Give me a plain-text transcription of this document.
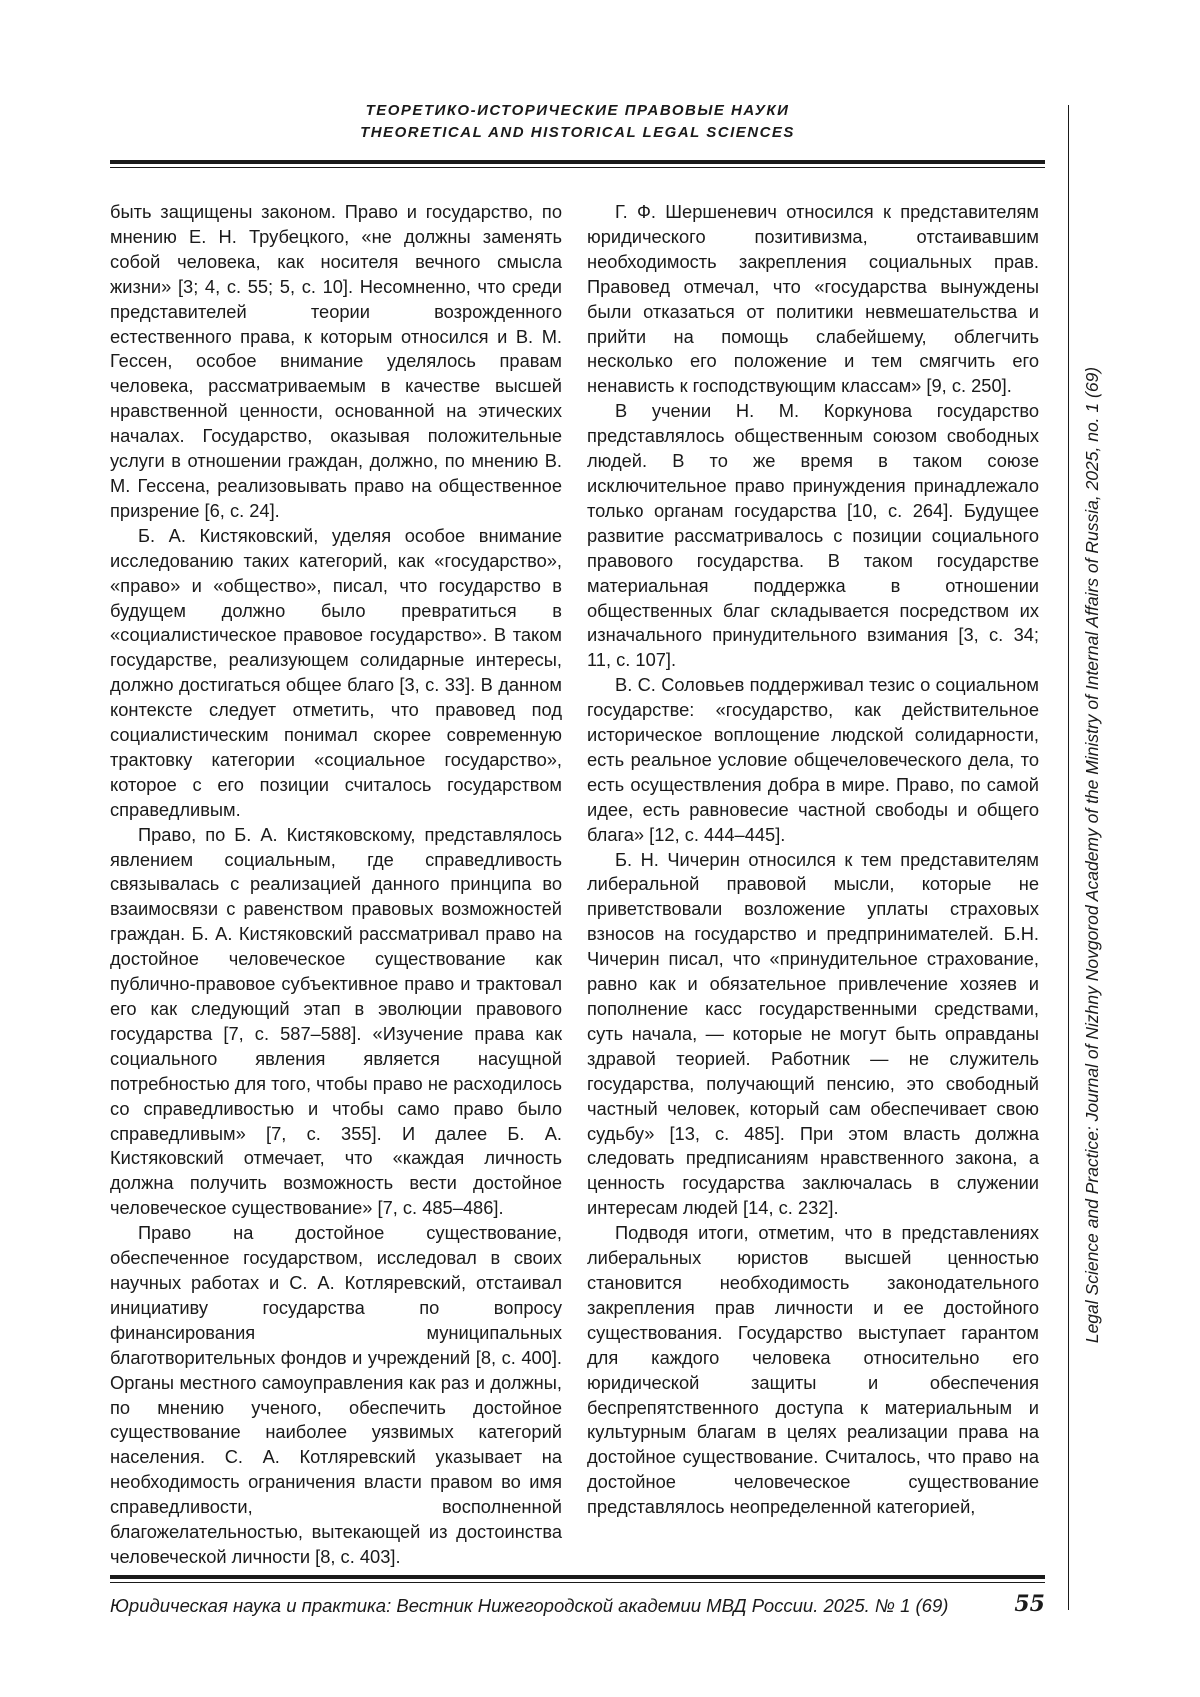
ТЕОРЕТИКО-ИСТОРИЧЕСКИЕ ПРАВОВЫЕ НАУКИ
THEORETICAL AND HISTORICAL LEGAL SCIENCES
Legal Science and Practice: Journal of Nizhny Novgorod Academy of the Ministry of Internal Affairs of Russia, 2025, no. 1 (69)

быть защищены законом. Право и государство, по мнению Е. Н. Трубецкого, «не должны заменять собой человека, как носителя вечного смысла жизни» [3; 4, с. 55; 5, с. 10]. Несомненно, что среди представителей теории возрожденного естественного права, к которым относился и В. М. Гессен, особое внимание уделялось правам человека, рассматриваемым в качестве высшей нравственной ценности, основанной на этических началах. Государство, оказывая положительные услуги в отношении граждан, должно, по мнению В. М. Гессена, реализовывать право на общественное призрение [6, с. 24].

Б. А. Кистяковский, уделяя особое внимание исследованию таких категорий, как «государство», «право» и «общество», писал, что государство в будущем должно было превратиться в «социалистическое правовое государство». В таком государстве, реализующем солидарные интересы, должно достигаться общее благо [3, с. 33]. В данном контексте следует отметить, что правовед под социалистическим понимал скорее современную трактовку категории «социальное государство», которое с его позиции считалось государством справедливым.

Право, по Б. А. Кистяковскому, представлялось явлением социальным, где справедливость связывалась с реализацией данного принципа во взаимосвязи с равенством правовых возможностей граждан. Б. А. Кистяковский рассматривал право на достойное человеческое существование как публично-правовое субъективное право и трактовал его как следующий этап в эволюции правового государства [7, с. 587–588]. «Изучение права как социального явления является насущной потребностью для того, чтобы право не расходилось со справедливостью и чтобы само право было справедливым» [7, с. 355]. И далее Б. А. Кистяковский отмечает, что «каждая личность должна получить возможность вести достойное человеческое существование» [7, с. 485–486].

Право на достойное существование, обеспеченное государством, исследовал в своих научных работах и С. А. Котляревский, отстаивал инициативу государства по вопросу финансирования муниципальных благотворительных фондов и учреждений [8, с. 400]. Органы местного самоуправления как раз и должны, по мнению ученого, обеспечить достойное существование наиболее уязвимых категорий населения. С. А. Котляревский указывает на необходимость ограничения власти правом во имя справедливости, восполненной благожелательностью, вытекающей из достоинства человеческой личности [8, с. 403].

Г. Ф. Шершеневич относился к представителям юридического позитивизма, отстаивавшим необходимость закрепления социальных прав. Правовед отмечал, что «государства вынуждены были отказаться от политики невмешательства и прийти на помощь слабейшему, облегчить несколько его положение и тем смягчить его ненависть к господствующим классам» [9, с. 250].

В учении Н. М. Коркунова государство представлялось общественным союзом свободных людей. В то же время в таком союзе исключительное право принуждения принадлежало только органам государства [10, с. 264]. Будущее развитие рассматривалось с позиции социального правового государства. В таком государстве материальная поддержка в отношении общественных благ складывается посредством их изначального принудительного взимания [3, с. 34; 11, с. 107].

В. С. Соловьев поддерживал тезис о социальном государстве: «государство, как действительное историческое воплощение людской солидарности, есть реальное условие общечеловеческого дела, то есть осуществления добра в мире. Право, по самой идее, есть равновесие частной свободы и общего блага» [12, с. 444–445].

Б. Н. Чичерин относился к тем представителям либеральной правовой мысли, которые не приветствовали возложение уплаты страховых взносов на государство и предпринимателей. Б.Н. Чичерин писал, что «принудительное страхование, равно как и обязательное привлечение хозяев и пополнение касс государственными средствами, суть начала, — которые не могут быть оправданы здравой теорией. Работник — не служитель государства, получающий пенсию, это свободный частный человек, который сам обеспечивает свою судьбу» [13, с. 485]. При этом власть должна следовать предписаниям нравственного закона, а ценность государства заключалась в служении интересам людей [14, с. 232].

Подводя итоги, отметим, что в представлениях либеральных юристов высшей ценностью становится необходимость законодательного закрепления прав личности и ее достойного существования. Государство выступает гарантом для каждого человека относительно его юридической защиты и обеспечения беспрепятственного доступа к материальным и культурным благам в целях реализации права на достойное существование. Считалось, что право на достойное человеческое существование представлялось неопределенной категорией,

Юридическая наука и практика: Вестник Нижегородской академии МВД России. 2025. № 1 (69)	55
